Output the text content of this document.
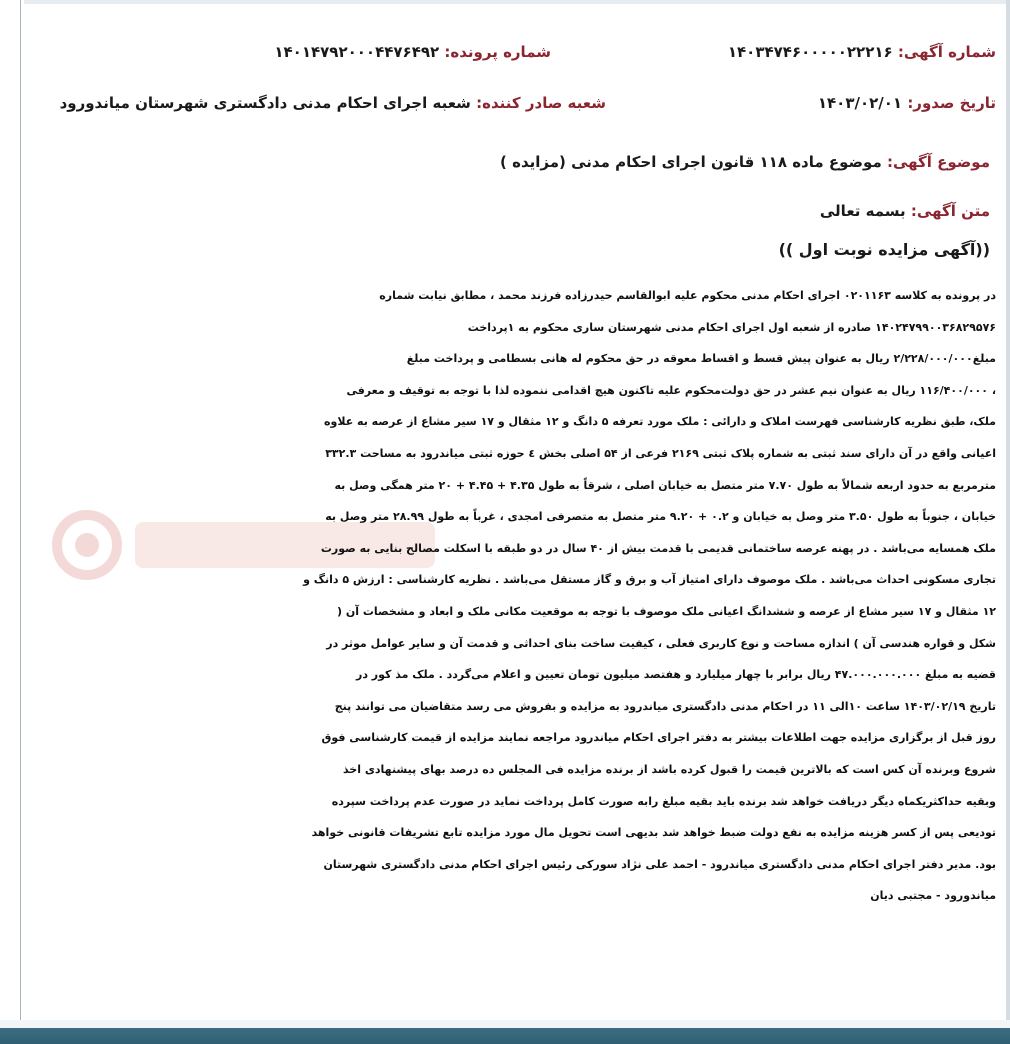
شماره آگهی: ۱۴۰۳۴۷۴۶۰۰۰۰۰۲۲۲۱۶
شماره پرونده: ۱۴۰۱۴۷۹۲۰۰۰۴۴۷۶۴۹۲
تاریخ صدور: ۱۴۰۳/۰۲/۰۱
شعبه صادر کننده: شعبه اجرای احکام مدنی دادگستری شهرستان میاندورود
موضوع آگهی: موضوع ماده ۱۱۸ قانون اجرای احکام مدنی (مزایده )
متن آگهی: بسمه تعالی
((آگهی مزایده نوبت اول ))
در پرونده به کلاسه ۰۲۰۱۱۶۳ اجرای احکام مدنی محکوم علیه ابوالقاسم حیدرزاده فرزند محمد ، مطابق نیابت شماره
۱۴۰۲۴۷۹۹۰۰۳۶۸۲۹۵۷۶ صادره از شعبه اول اجرای احکام مدنی شهرستان ساری محکوم به ۱پرداخت
مبلغ۲/۲۲۸/۰۰۰/۰۰۰ ریال به عنوان پیش قسط و اقساط معوقه در حق محکوم له هانی بسطامی و پرداخت مبلغ
، ۱۱۶/۴۰۰/۰۰۰ ریال به عنوان نیم عشر در حق دولت‌محکوم علیه تاکنون هیچ اقدامی ننموده لذا با توجه به توقیف و معرفی
ملک، طبق نظریه کارشناسی فهرست املاک و دارائی : ملک مورد تعرفه ۵ دانگ و ۱۲ مثقال و ۱۷ سیر مشاع از عرصه به علاوه
اعیانی واقع در آن دارای سند ثبتی به شماره پلاک ثبتی ۲۱۶۹ فرعی از ۵۴ اصلی بخش ٤ حوزه ثبتی میاندرود به مساحت ۳۳۲.۳
مترمربع به حدود اربعه شمالاً به طول ۷.۷۰ متر متصل به خیابان اصلی ، شرقاً به طول ۴.۳۵ + ۴.۴۵ + ۲۰ متر همگی وصل به
خیابان ، جنوباً به طول ۳.۵۰ متر وصل به خیابان و ۰.۲ + ۹.۲۰ متر متصل به متصرفی امجدی ، غرباً به طول ۲۸.۹۹ متر وصل به
ملک همسایه می‌باشد . در پهنه عرصه ساختمانی قدیمی با قدمت بیش از ۴۰ سال در دو طبقه با اسکلت مصالح بنایی به صورت
تجاری مسکونی احداث می‌باشد . ملک موصوف دارای امتیاز آب و برق و گاز مستقل می‌باشد . نظریه کارشناسی : ارزش ۵ دانگ و
۱۲ مثقال و ۱۷ سیر مشاع از عرصه و ششدانگ اعیانی ملک موصوف با توجه به موقعیت مکانی ملک و ابعاد و مشخصات آن (
شکل و قواره هندسی آن ) اندازه مساحت و نوع کاربری فعلی ، کیفیت ساخت بنای احداثی و قدمت آن و سایر عوامل موثر در
قضیه به مبلغ ۴۷.۰۰۰.۰۰۰.۰۰۰ ریال برابر با چهار میلیارد و هفتصد میلیون تومان تعیین و اعلام می‌گردد . ملک مذ کور در
تاریخ ۱۴۰۳/۰۲/۱۹ ساعت ۱۰الی ۱۱ در احکام مدنی دادگستری میاندرود به مزایده و بفروش می رسد متقاضیان می توانند پنج
روز قبل از برگزاری مزایده جهت اطلاعات بیشتر به دفتر اجرای احکام میاندرود مراجعه نمایند مزایده از قیمت کارشناسی فوق
شروع وبرنده آن کس است که بالاترین قیمت را قبول کرده باشد از برنده مزایده فی المجلس ده درصد بهای پیشنهادی اخذ
وبقیه حداکثریکماه دیگر دریافت خواهد شد برنده باید بقیه مبلغ رابه صورت کامل پرداخت نماید در صورت عدم پرداخت سپرده
تودیعی پس از کسر هزینه مزایده به نفع دولت ضبط خواهد شد بدیهی است تحویل مال مورد مزایده تابع تشریفات قانونی خواهد
بود. مدیر دفتر اجرای احکام مدنی دادگستری میاندرود - احمد علی نژاد سورکی رئیس اجرای احکام مدنی دادگستری شهرستان
میاندورود - مجتبی دیان
